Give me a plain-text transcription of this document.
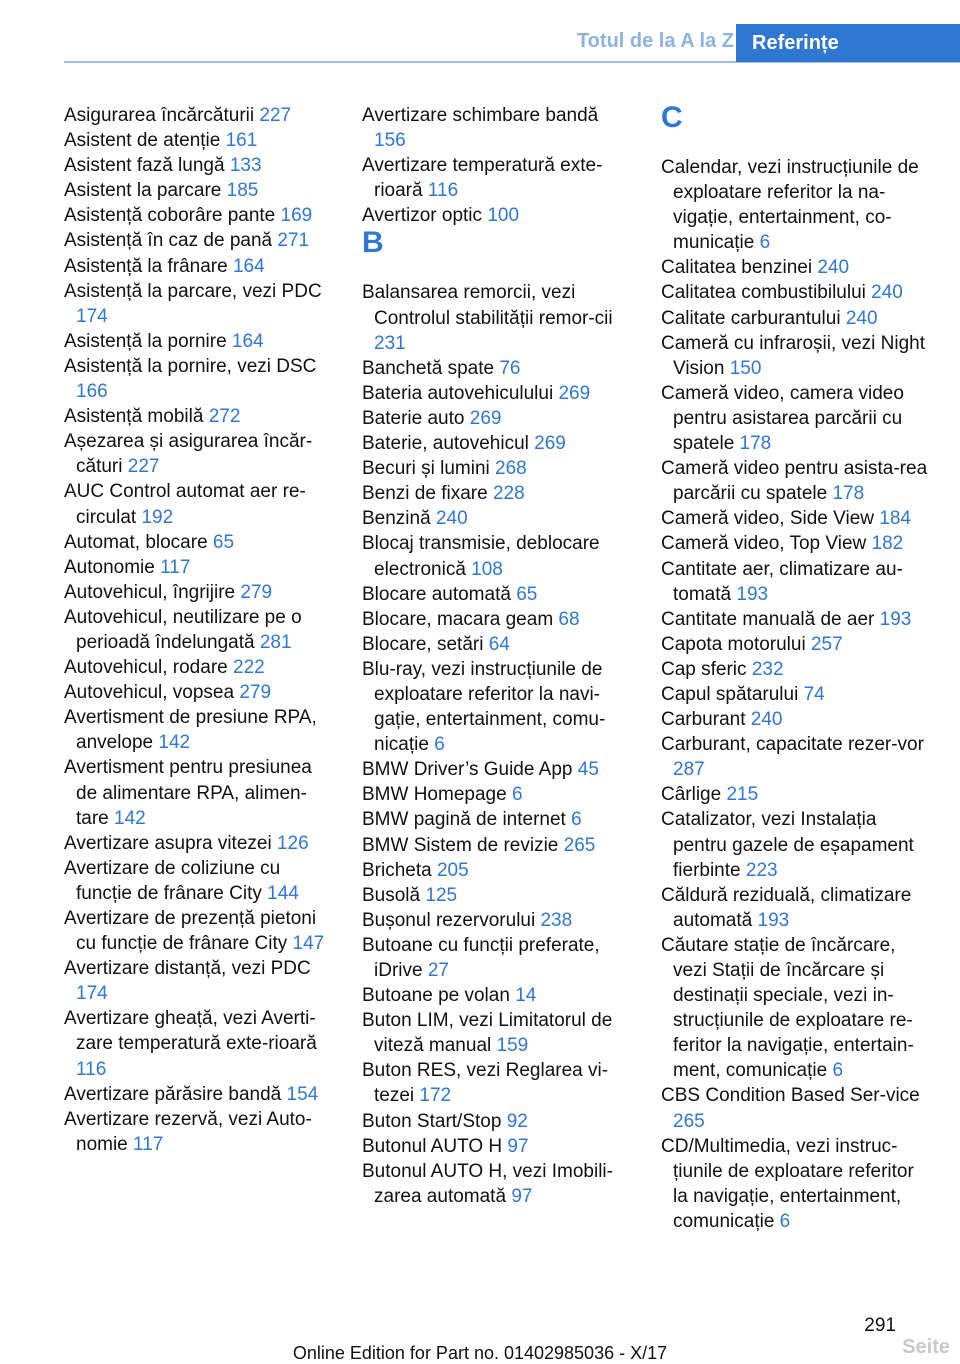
Totul de la A la Z Referințe
Asigurarea încărcăturii 227
Asistent de atenție 161
Asistent fază lungă 133
Asistent la parcare 185
Asistență coborâre pante 169
Asistență în caz de pană 271
Asistență la frânare 164
Asistență la parcare, vezi PDC 174
Asistență la pornire 164
Asistență la pornire, vezi DSC 166
Asistență mobilă 272
Așezarea și asigurarea încăr‐cături 227
AUC Control automat aer re‐circulat 192
Automat, blocare 65
Autonomie 117
Autovehicul, îngrijire 279
Autovehicul, neutilizare pe o perioadă îndelungată 281
Autovehicul, rodare 222
Autovehicul, vopsea 279
Avertisment de presiune RPA, anvelope 142
Avertisment pentru presiunea de alimentare RPA, alimen‐tare 142
Avertizare asupra vitezei 126
Avertizare de coliziune cu funcție de frânare City 144
Avertizare de prezență pietoni cu funcție de frânare City 147
Avertizare distanță, vezi PDC 174
Avertizare gheață, vezi Averti‐zare temperatură exte‐rioară 116
Avertizare părăsire bandă 154
Avertizare rezervă, vezi Auto‐nomie 117
Avertizare schimbare bandă 156
Avertizare temperatură exte‐rioară 116
Avertizor optic 100
B
Balansarea remorcii, vezi Controlul stabilității remor‐cii 231
Banchetă spate 76
Bateria autovehiculului 269
Baterie auto 269
Baterie, autovehicul 269
Becuri și lumini 268
Benzi de fixare 228
Benzină 240
Blocaj transmisie, deblocare electronică 108
Blocare automată 65
Blocare, macara geam 68
Blocare, setări 64
Blu-ray, vezi instrucțiunile de exploatare referitor la navi‐gație, entertainment, comu‐nicație 6
BMW Driver’s Guide App 45
BMW Homepage 6
BMW pagină de internet 6
BMW Sistem de revizie 265
Bricheta 205
Busolă 125
Bușonul rezervorului 238
Butoane cu funcții preferate, iDrive 27
Butoane pe volan 14
Buton LIM, vezi Limitatorul de viteză manual 159
Buton RES, vezi Reglarea vi‐tezei 172
Buton Start/Stop 92
Butonul AUTO H 97
Butonul AUTO H, vezi Imobili‐zarea automată 97
C
Calendar, vezi instrucțiunile de exploatare referitor la na‐vigație, entertainment, co‐municație 6
Calitatea benzinei 240
Calitatea combustibilului 240
Calitate carburantului 240
Cameră cu infraroșii, vezi Night Vision 150
Cameră video, camera video pentru asistarea parcării cu spatele 178
Cameră video pentru asista‐rea parcării cu spatele 178
Cameră video, Side View 184
Cameră video, Top View 182
Cantitate aer, climatizare au‐tomată 193
Cantitate manuală de aer 193
Capota motorului 257
Cap sferic 232
Capul spătarului 74
Carburant 240
Carburant, capacitate rezer‐vor 287
Cârlige 215
Catalizator, vezi Instalația pentru gazele de eșapament fierbinte 223
Căldură reziduală, climatizare automată 193
Căutare stație de încărcare, vezi Stații de încărcare și destinații speciale, vezi in‐strucțiunile de exploatare re‐feritor la navigație, entertain‐ment, comunicație 6
CBS Condition Based Ser‐vice 265
CD/Multimedia, vezi instruc‐țiunile de exploatare referitor la navigație, entertainment, comunicație 6
291
Online Edition for Part no. 01402985036 - X/17	Seite
